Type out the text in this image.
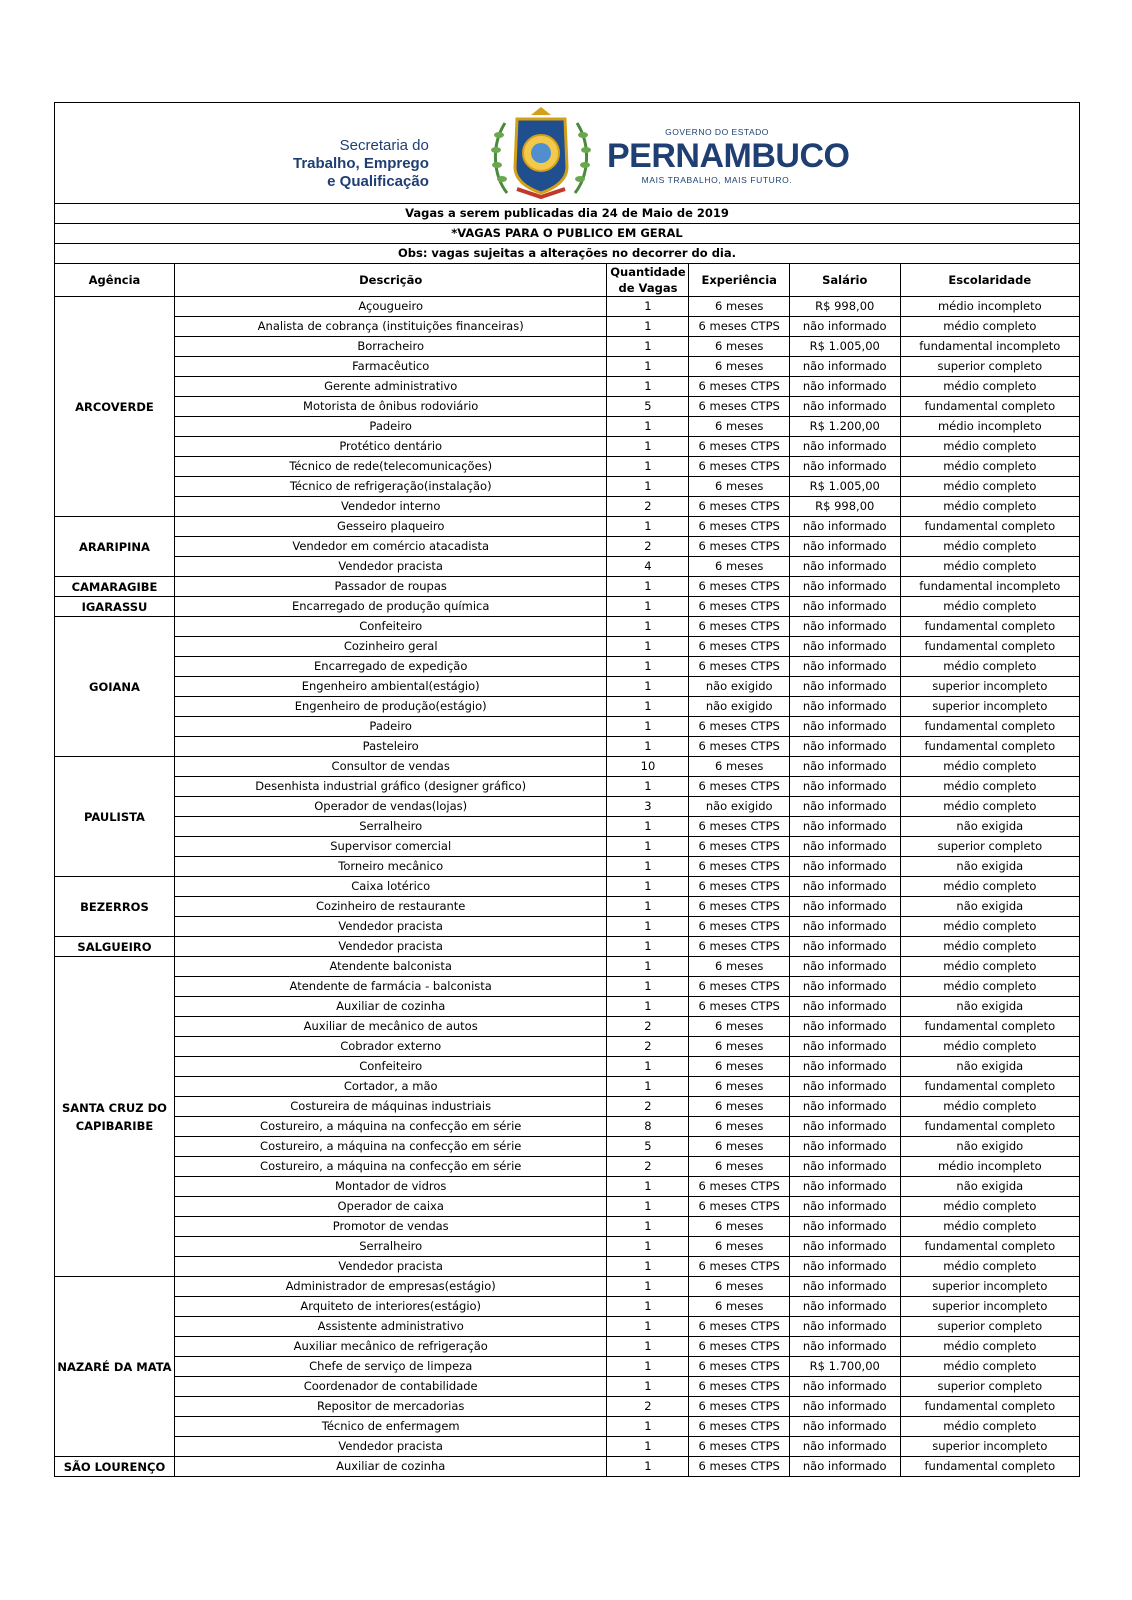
Secretaria do
Trabalho, Emprego
e Qualificação
GOVERNO DO ESTADO
PERNAMBUCO
MAIS TRABALHO, MAIS FUTURO.
Vagas a serem publicadas dia 24 de Maio de 2019
*VAGAS PARA O PUBLICO EM GERAL
Obs: vagas sujeitas a alterações no decorrer do dia.
Agência	Descrição	Quantidade de Vagas	Experiência	Salário	Escolaridade
ARCOVERDE	Açougueiro	1	6 meses	R$ 998,00	médio incompleto
	Analista de cobrança (instituições financeiras)	1	6 meses CTPS	não informado	médio completo
	Borracheiro	1	6 meses	R$ 1.005,00	fundamental incompleto
	Farmacêutico	1	6 meses	não informado	superior completo
	Gerente administrativo	1	6 meses CTPS	não informado	médio completo
	Motorista de ônibus rodoviário	5	6 meses CTPS	não informado	fundamental completo
	Padeiro	1	6 meses	R$ 1.200,00	médio incompleto
	Protético dentário	1	6 meses CTPS	não informado	médio completo
	Técnico de rede(telecomunicações)	1	6 meses CTPS	não informado	médio completo
	Técnico de refrigeração(instalação)	1	6 meses	R$ 1.005,00	médio completo
	Vendedor interno	2	6 meses CTPS	R$ 998,00	médio completo
ARARIPINA	Gesseiro plaqueiro	1	6 meses CTPS	não informado	fundamental completo
	Vendedor em comércio atacadista	2	6 meses CTPS	não informado	médio completo
	Vendedor pracista	4	6 meses	não informado	médio completo
CAMARAGIBE	Passador de roupas	1	6 meses CTPS	não informado	fundamental incompleto
IGARASSU	Encarregado de produção química	1	6 meses CTPS	não informado	médio completo
GOIANA	Confeiteiro	1	6 meses CTPS	não informado	fundamental completo
	Cozinheiro geral	1	6 meses CTPS	não informado	fundamental completo
	Encarregado de expedição	1	6 meses CTPS	não informado	médio completo
	Engenheiro ambiental(estágio)	1	não exigido	não informado	superior incompleto
	Engenheiro de produção(estágio)	1	não exigido	não informado	superior incompleto
	Padeiro	1	6 meses CTPS	não informado	fundamental completo
	Pasteleiro	1	6 meses CTPS	não informado	fundamental completo
PAULISTA	Consultor de vendas	10	6 meses	não informado	médio completo
	Desenhista industrial gráfico (designer gráfico)	1	6 meses CTPS	não informado	médio completo
	Operador de vendas(lojas)	3	não exigido	não informado	médio completo
	Serralheiro	1	6 meses CTPS	não informado	não exigida
	Supervisor comercial	1	6 meses CTPS	não informado	superior completo
	Torneiro mecânico	1	6 meses CTPS	não informado	não exigida
BEZERROS	Caixa lotérico	1	6 meses CTPS	não informado	médio completo
	Cozinheiro de restaurante	1	6 meses CTPS	não informado	não exigida
	Vendedor pracista	1	6 meses CTPS	não informado	médio completo
SALGUEIRO	Vendedor pracista	1	6 meses CTPS	não informado	médio completo
SANTA CRUZ DO CAPIBARIBE	Atendente balconista	1	6 meses	não informado	médio completo
	Atendente de farmácia - balconista	1	6 meses CTPS	não informado	médio completo
	Auxiliar de cozinha	1	6 meses CTPS	não informado	não exigida
	Auxiliar de mecânico de autos	2	6 meses	não informado	fundamental completo
	Cobrador externo	2	6 meses	não informado	médio completo
	Confeiteiro	1	6 meses	não informado	não exigida
	Cortador, a mão	1	6 meses	não informado	fundamental completo
	Costureira de máquinas industriais	2	6 meses	não informado	médio completo
	Costureiro, a máquina na confecção em série	8	6 meses	não informado	fundamental completo
	Costureiro, a máquina na confecção em série	5	6 meses	não informado	não exigido
	Costureiro, a máquina na confecção em série	2	6 meses	não informado	médio incompleto
	Montador de vidros	1	6 meses CTPS	não informado	não exigida
	Operador de caixa	1	6 meses CTPS	não informado	médio completo
	Promotor de vendas	1	6 meses	não informado	médio completo
	Serralheiro	1	6 meses	não informado	fundamental completo
	Vendedor pracista	1	6 meses CTPS	não informado	médio completo
NAZARÉ DA MATA	Administrador de empresas(estágio)	1	6 meses	não informado	superior incompleto
	Arquiteto de interiores(estágio)	1	6 meses	não informado	superior incompleto
	Assistente administrativo	1	6 meses CTPS	não informado	superior completo
	Auxiliar mecânico de refrigeração	1	6 meses CTPS	não informado	médio completo
	Chefe de serviço de limpeza	1	6 meses CTPS	R$ 1.700,00	médio completo
	Coordenador de contabilidade	1	6 meses CTPS	não informado	superior completo
	Repositor de mercadorias	2	6 meses CTPS	não informado	fundamental completo
	Técnico de enfermagem	1	6 meses CTPS	não informado	médio completo
	Vendedor pracista	1	6 meses CTPS	não informado	superior incompleto
SÃO LOURENÇO	Auxiliar de cozinha	1	6 meses CTPS	não informado	fundamental completo
